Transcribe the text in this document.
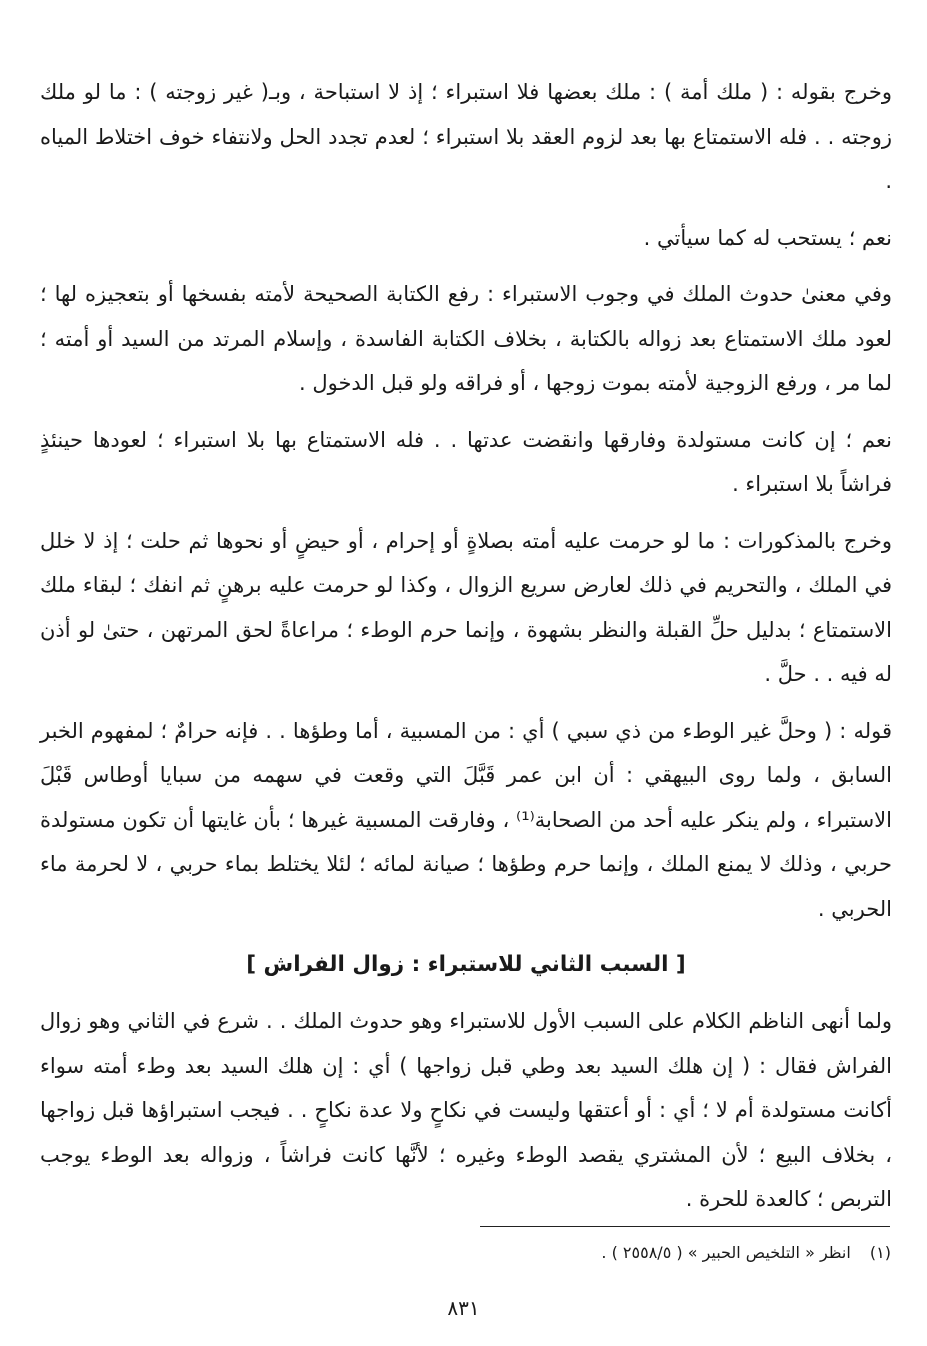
وخرج بقوله : ( ملك أمة ) : ملك بعضها فلا استبراء ؛ إذ لا استباحة ، وبـ( غير زوجته ) : ما لو ملك زوجته . . فله الاستمتاع بها بعد لزوم العقد بلا استبراء ؛ لعدم تجدد الحل ولانتفاء خوف اختلاط المياه .

نعم ؛ يستحب له كما سيأتي .

وفي معنىٰ حدوث الملك في وجوب الاستبراء : رفع الكتابة الصحيحة لأمته بفسخها أو بتعجيزه لها ؛ لعود ملك الاستمتاع بعد زواله بالكتابة ، بخلاف الكتابة الفاسدة ، وإسلام المرتد من السيد أو أمته ؛ لما مر ، ورفع الزوجية لأمته بموت زوجها ، أو فراقه ولو قبل الدخول .

نعم ؛ إن كانت مستولدة وفارقها وانقضت عدتها . . فله الاستمتاع بها بلا استبراء ؛ لعودها حينئذٍ فراشاً بلا استبراء .

وخرج بالمذكورات : ما لو حرمت عليه أمته بصلاةٍ أو إحرام ، أو حيضٍ أو نحوها ثم حلت ؛ إذ لا خلل في الملك ، والتحريم في ذلك لعارض سريع الزوال ، وكذا لو حرمت عليه برهنٍ ثم انفك ؛ لبقاء ملك الاستمتاع ؛ بدليل حلِّ القبلة والنظر بشهوة ، وإنما حرم الوطء ؛ مراعاةً لحق المرتهن ، حتىٰ لو أذن له فيه . . حلَّ .

قوله : ( وحلَّ غير الوطء من ذي سبي ) أي : من المسبية ، أما وطؤها . . فإنه حرامٌ ؛ لمفهوم الخبر السابق ، ولما روى البيهقي : أن ابن عمر قَبَّلَ التي وقعت في سهمه من سبايا أوطاس قَبْلَ الاستبراء ، ولم ينكر عليه أحد من الصحابة⁽¹⁾ ، وفارقت المسبية غيرها ؛ بأن غايتها أن تكون مستولدة حربي ، وذلك لا يمنع الملك ، وإنما حرم وطؤها ؛ صيانة لمائه ؛ لئلا يختلط بماء حربي ، لا لحرمة ماء الحربي .

[ السبب الثاني للاستبراء : زوال الفراش ]

ولما أنهى الناظم الكلام على السبب الأول للاستبراء وهو حدوث الملك . . شرع في الثاني وهو زوال الفراش فقال : ( إن هلك السيد بعد وطي قبل زواجها ) أي : إن هلك السيد بعد وطء أمته سواء أكانت مستولدة أم لا ؛ أي : أو أعتقها وليست في نكاحٍ ولا عدة نكاحٍ . . فيجب استبراؤها قبل زواجها ، بخلاف البيع ؛ لأن المشتري يقصد الوطء وغيره ؛ لأنَّها كانت فراشاً ، وزواله بعد الوطء يوجب التربص ؛ كالعدة للحرة .

(١) انظر « التلخيص الحبير » ( ٢٥٥٨/٥ ) .
٨٣١
